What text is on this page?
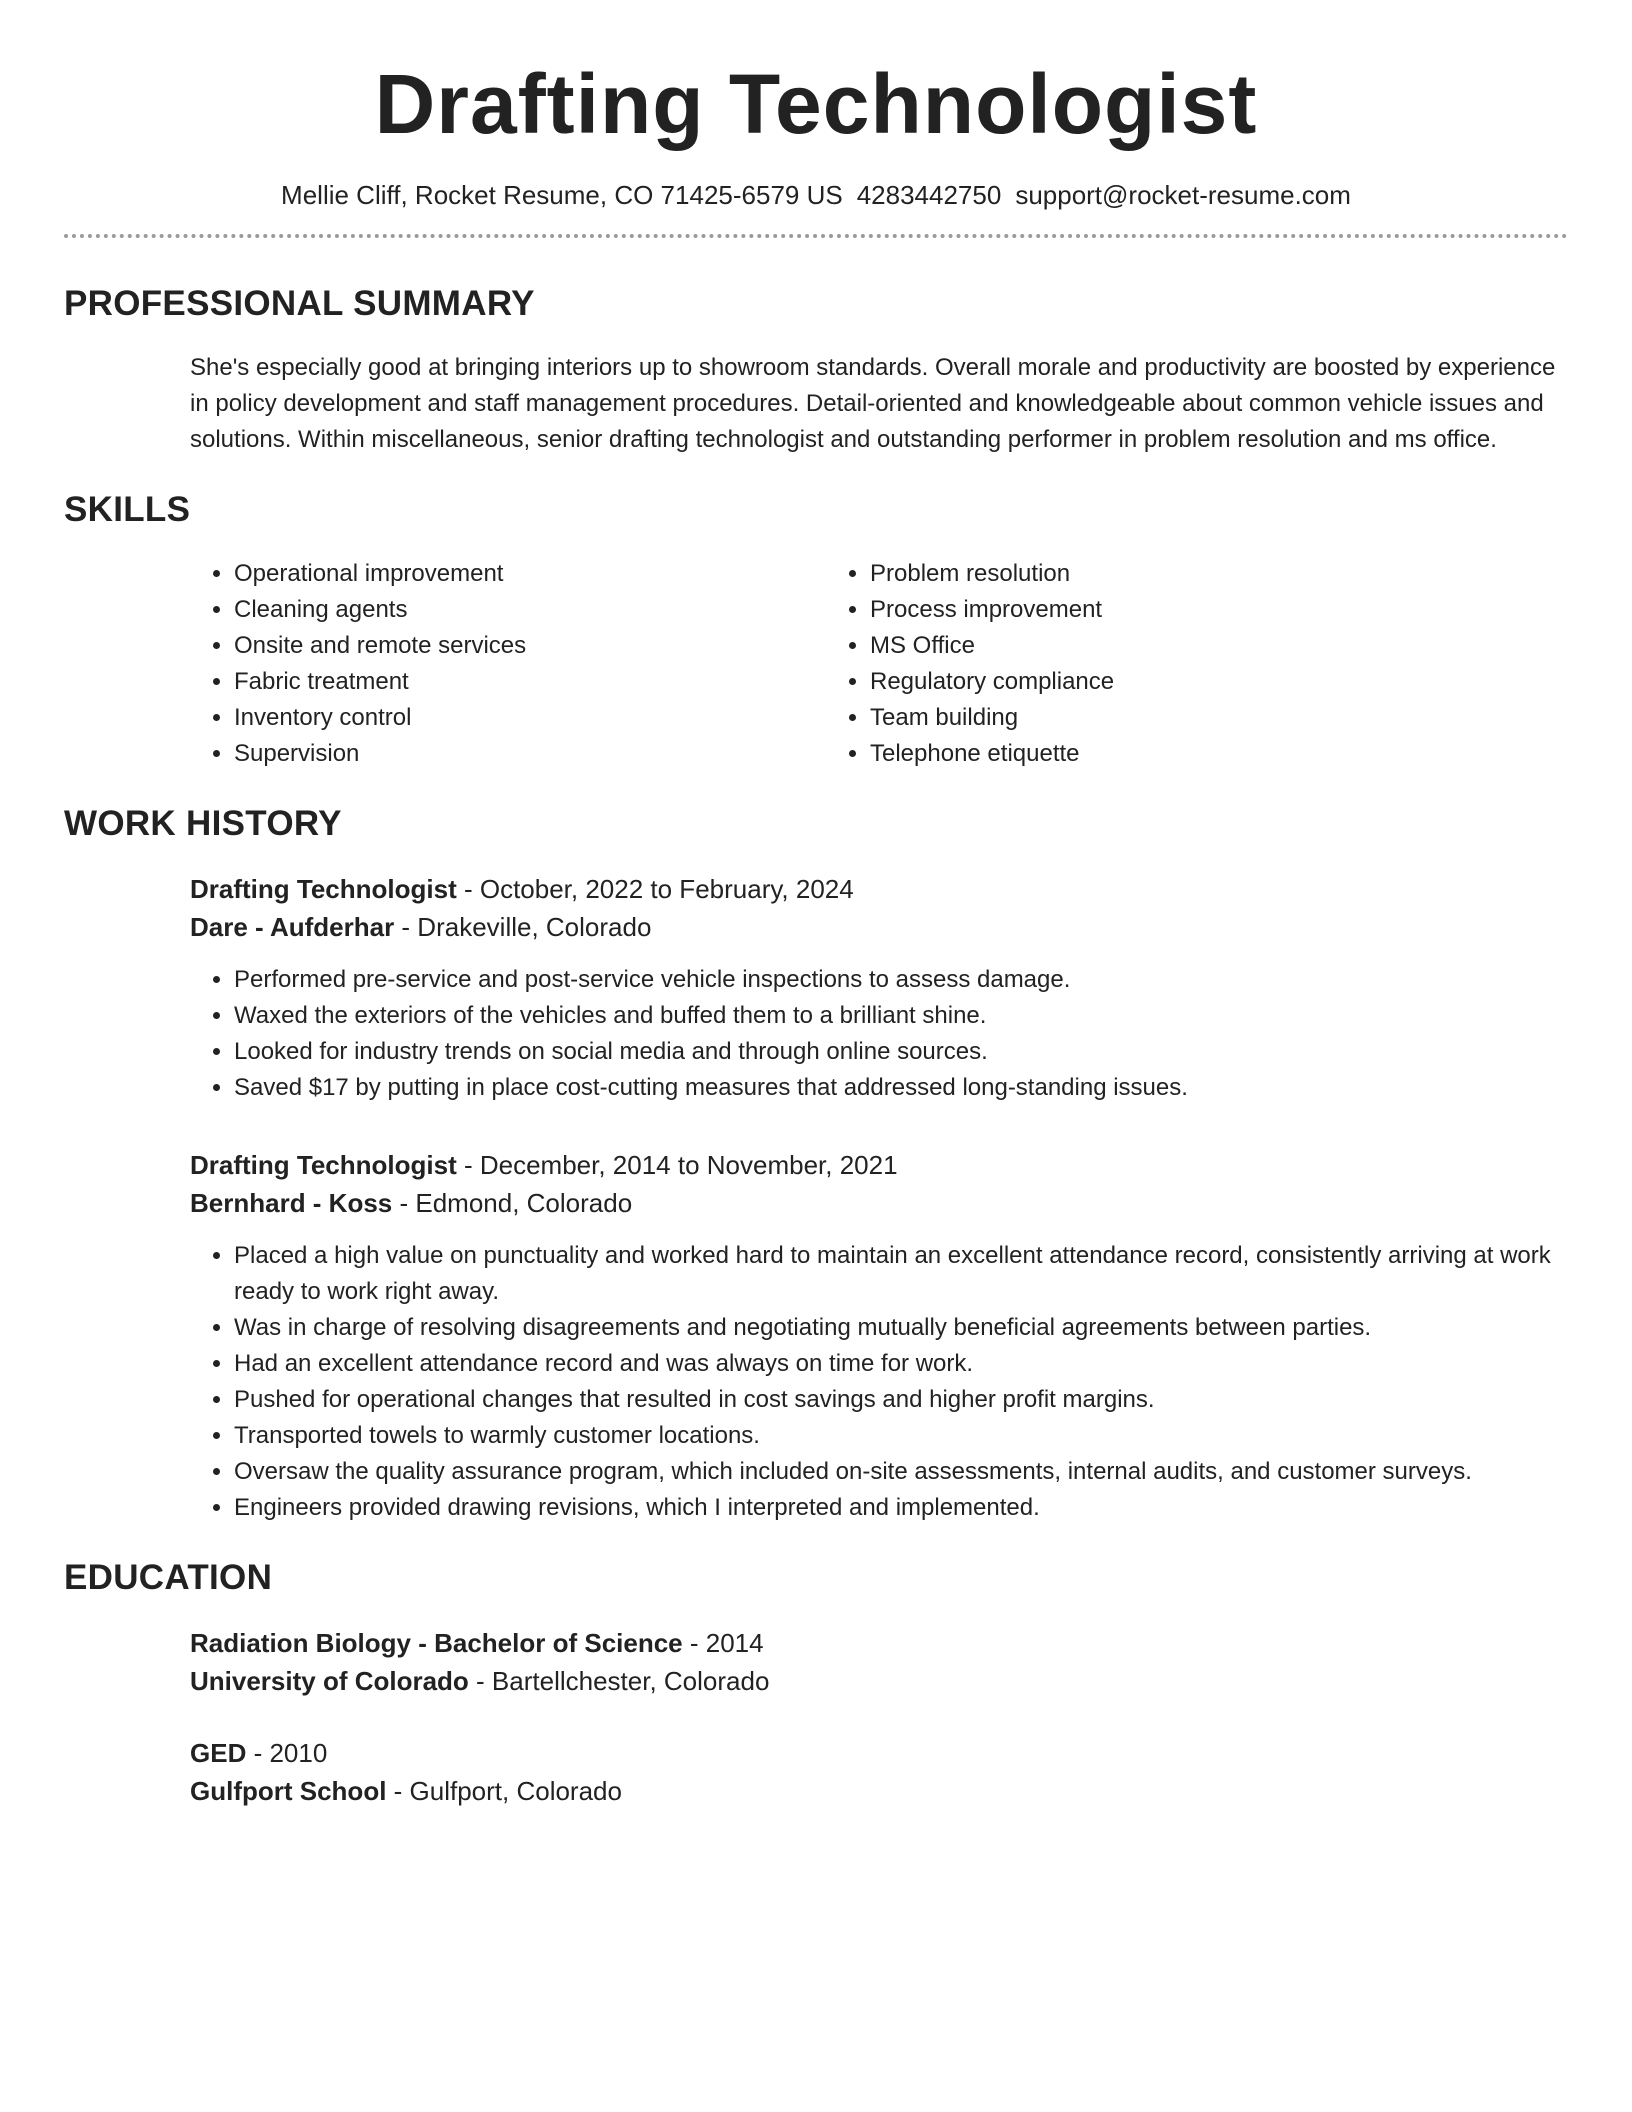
Drafting Technologist
Mellie Cliff, Rocket Resume, CO 71425-6579 US 4283442750 support@rocket-resume.com
PROFESSIONAL SUMMARY

She's especially good at bringing interiors up to showroom standards. Overall morale and productivity are boosted by experience in policy development and staff management procedures. Detail-oriented and knowledgeable about common vehicle issues and solutions. Within miscellaneous, senior drafting technologist and outstanding performer in problem resolution and ms office.

SKILLS
• Operational improvement
• Cleaning agents
• Onsite and remote services
• Fabric treatment
• Inventory control
• Supervision
• Problem resolution
• Process improvement
• MS Office
• Regulatory compliance
• Team building
• Telephone etiquette
WORK HISTORY
Drafting Technologist - October, 2022 to February, 2024
Dare - Aufderhar - Drakeville, Colorado
• Performed pre-service and post-service vehicle inspections to assess damage.
• Waxed the exteriors of the vehicles and buffed them to a brilliant shine.
• Looked for industry trends on social media and through online sources.
• Saved $17 by putting in place cost-cutting measures that addressed long-standing issues.
Drafting Technologist - December, 2014 to November, 2021
Bernhard - Koss - Edmond, Colorado
• Placed a high value on punctuality and worked hard to maintain an excellent attendance record, consistently arriving at work ready to work right away.
• Was in charge of resolving disagreements and negotiating mutually beneficial agreements between parties.
• Had an excellent attendance record and was always on time for work.
• Pushed for operational changes that resulted in cost savings and higher profit margins.
• Transported towels to warmly customer locations.
• Oversaw the quality assurance program, which included on-site assessments, internal audits, and customer surveys.
• Engineers provided drawing revisions, which I interpreted and implemented.
EDUCATION
Radiation Biology - Bachelor of Science - 2014
University of Colorado - Bartellchester, Colorado
GED - 2010
Gulfport School - Gulfport, Colorado
